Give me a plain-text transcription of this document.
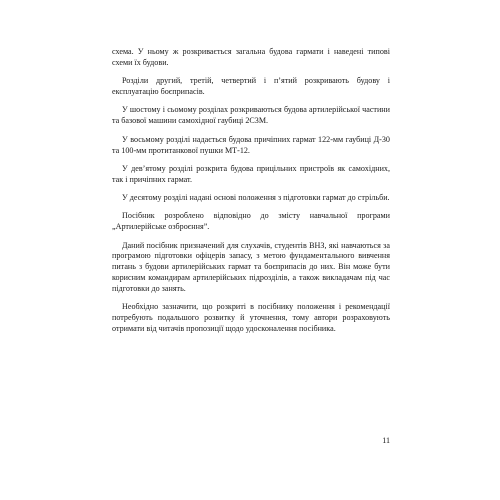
схема. У ньому ж розкривається загальна будова гармати і наведені типові схеми їх будови.

Розділи другий, третій, четвертий і п’ятий розкривають будову і експлуатацію боєприпасів.

У шостому і сьомому розділах розкриваються будова артилерійської частини та базової машини самохідної гаубиці 2С3М.

У восьмому розділі надається будова причіпних гармат 122-мм гаубиці Д-30 та 100-мм протитанкової пушки МТ-12.

У дев’ятому розділі розкрита будова прицільних пристроїв як самохідних, так і причіпних гармат.

У десятому розділі надані основі положення з підготовки гармат до стрільби.

Посібник розроблено відповідно до змісту навчальної програми „Артилерійське озброєння”.

Даний посібник призначений для слухачів, студентів ВНЗ, які навчаються за програмою підготовки офіцерів запасу, з метою фундаментального вивчення питань з будови артилерійських гармат та боєприпасів до них. Він може бути корисним командирам артилерійських підрозділів, а також викладачам під час підготовки до занять.

Необхідно зазначити, що розкриті в посібнику положення і рекомендації потребують подальшого розвитку й уточнення, тому автори розраховують отримати від читачів пропозиції щодо удосконалення посібника.

11
